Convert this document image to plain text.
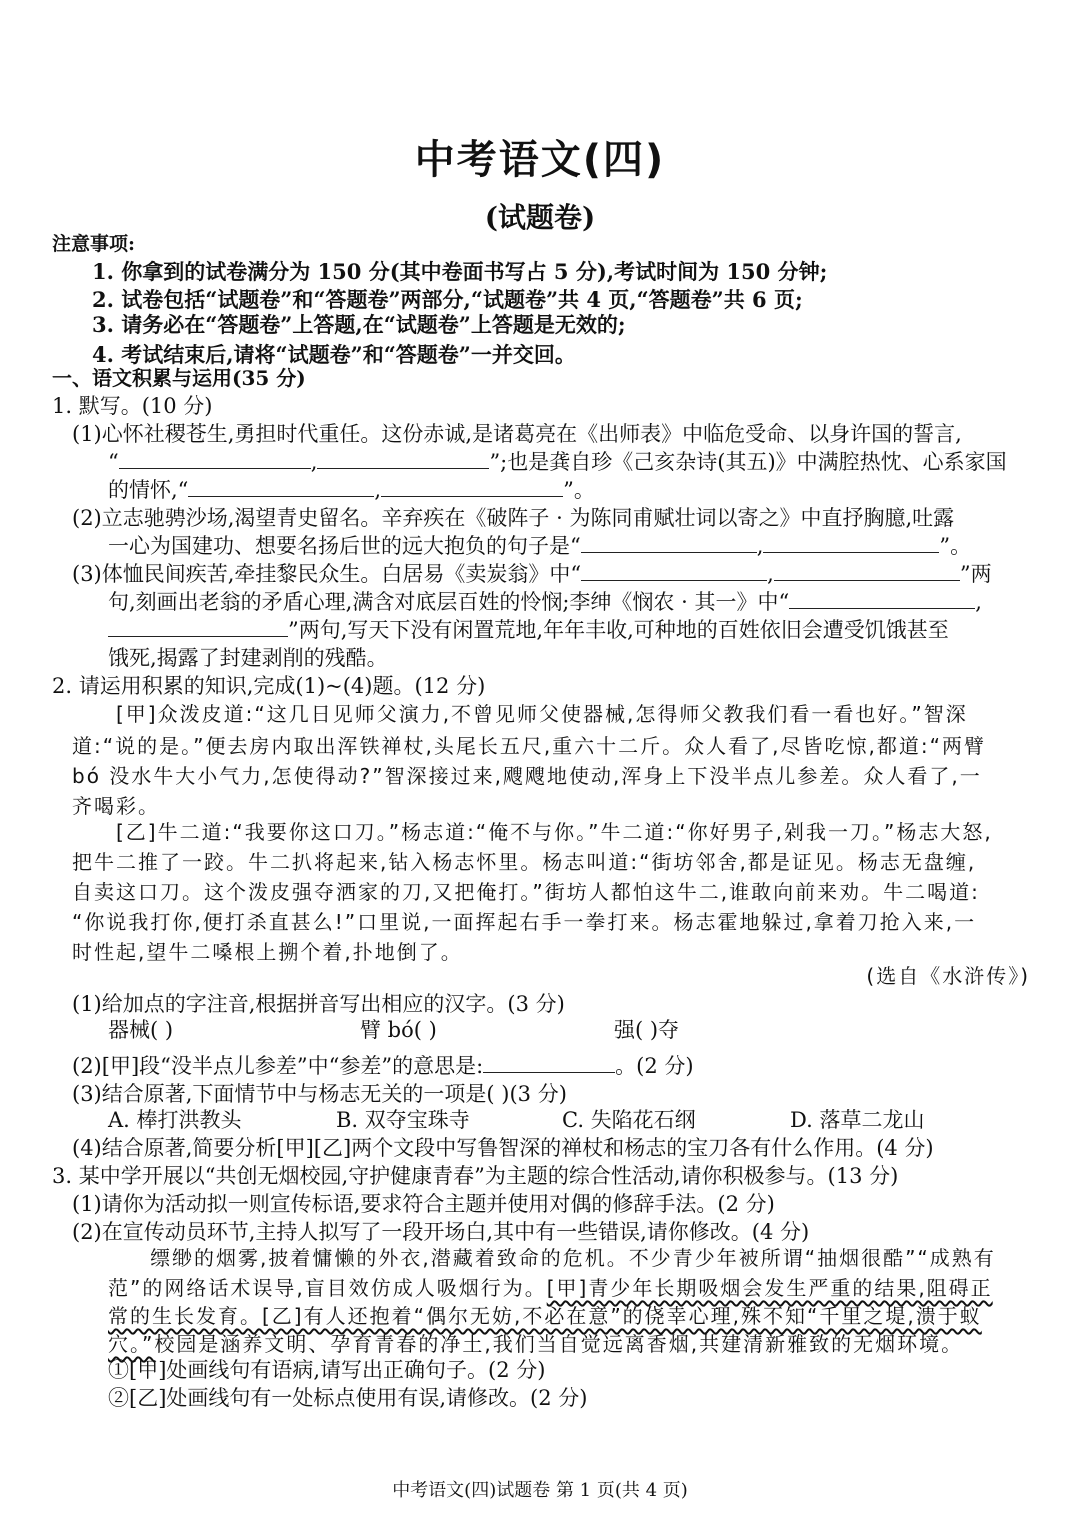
中考语文(四)
(试题卷)
注意事项:
1. 你拿到的试卷满分为 150 分(其中卷面书写占 5 分),考试时间为 150 分钟;
2. 试卷包括“试题卷”和“答题卷”两部分,“试题卷”共 4 页,“答题卷”共 6 页;
3. 请务必在“答题卷”上答题,在“试题卷”上答题是无效的;
4. 考试结束后,请将“试题卷”和“答题卷”一并交回。
一、语文积累与运用(35 分)
1. 默写。(10 分)
(1)心怀社稷苍生,勇担时代重任。这份赤诚,是诸葛亮在《出师表》中临危受命、以身许国的誓言,
“	,	”;也是龚自珍《己亥杂诗(其五)》中满腔热忱、心系家国
的情怀,“	,	”。
(2)立志驰骋沙场,渴望青史留名。辛弃疾在《破阵子 · 为陈同甫赋壮词以寄之》中直抒胸臆,吐露
一心为国建功、想要名扬后世的远大抱负的句子是“	,	”。
(3)体恤民间疾苦,牵挂黎民众生。白居易《卖炭翁》中“	,	”两
句,刻画出老翁的矛盾心理,满含对底层百姓的怜悯;李绅《悯农 · 其一》中“	,
”两句,写天下没有闲置荒地,年年丰收,可种地的百姓依旧会遭受饥饿甚至
饿死,揭露了封建剥削的残酷。
2. 请运用积累的知识,完成(1)~(4)题。(12 分)
[甲]众泼皮道:“这几日见师父演力,不曾见师父使器械,怎得师父教我们看一看也好。”智深
道:“说的是。”便去房内取出浑铁禅杖,头尾长五尺,重六十二斤。众人看了,尽皆吃惊,都道:“两臂
bó 没水牛大小气力,怎使得动?”智深接过来,飕飕地使动,浑身上下没半点儿参差。众人看了,一
齐喝彩。
[乙]牛二道:“我要你这口刀。”杨志道:“俺不与你。”牛二道:“你好男子,剁我一刀。”杨志大怒,
把牛二推了一跤。牛二扒将起来,钻入杨志怀里。杨志叫道:“街坊邻舍,都是证见。杨志无盘缠,
自卖这口刀。这个泼皮强夺洒家的刀,又把俺打。”街坊人都怕这牛二,谁敢向前来劝。牛二喝道:
“你说我打你,便打杀直甚么!”口里说,一面挥起右手一拳打来。杨志霍地躲过,拿着刀抢入来,一
时性起,望牛二嗓根上搠个着,扑地倒了。
(选自《水浒传》)
(1)给加点的字注音,根据拼音写出相应的汉字。(3 分)
器械( )	臂 bó( )	强( )夺
(2)[甲]段“没半点儿参差”中“参差”的意思是:	。(2 分)
(3)结合原著,下面情节中与杨志无关的一项是( )(3 分)
A. 棒打洪教头	B. 双夺宝珠寺	C. 失陷花石纲	D. 落草二龙山
(4)结合原著,简要分析[甲][乙]两个文段中写鲁智深的禅杖和杨志的宝刀各有什么作用。(4 分)
3. 某中学开展以“共创无烟校园,守护健康青春”为主题的综合性活动,请你积极参与。(13 分)
(1)请你为活动拟一则宣传标语,要求符合主题并使用对偶的修辞手法。(2 分)
(2)在宣传动员环节,主持人拟写了一段开场白,其中有一些错误,请你修改。(4 分)
缥缈的烟雾,披着慵懒的外衣,潜藏着致命的危机。不少青少年被所谓“抽烟很酷”“成熟有
范”的网络话术误导,盲目效仿成人吸烟行为。[甲]青少年长期吸烟会发生严重的结果,阻碍正
常的生长发育。[乙]有人还抱着“偶尔无妨,不必在意”的侥幸心理,殊不知“千里之堤,溃于蚁
穴。”校园是涵养文明、孕育青春的净土,我们当自觉远离香烟,共建清新雅致的无烟环境。
①[甲]处画线句有语病,请写出正确句子。(2 分)
②[乙]处画线句有一处标点使用有误,请修改。(2 分)
中考语文(四)试题卷 第 1 页(共 4 页)
